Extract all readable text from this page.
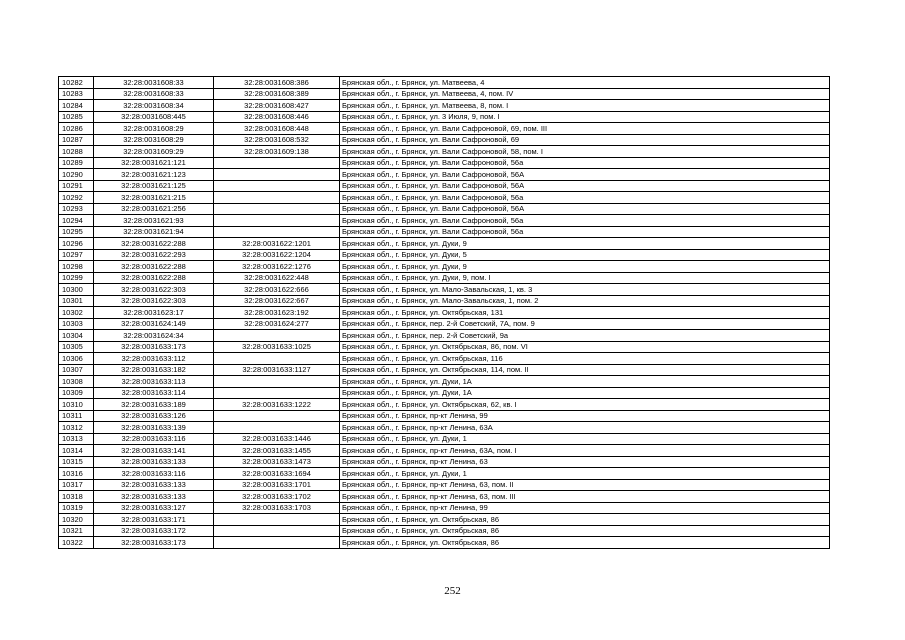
10282	32:28:0031608:33	32:28:0031608:386	Брянская обл., г. Брянск, ул. Матвеева, 4
10283	32:28:0031608:33	32:28:0031608:389	Брянская обл., г. Брянск, ул. Матвеева, 4, пом. IV
10284	32:28:0031608:34	32:28:0031608:427	Брянская обл., г. Брянск, ул. Матвеева, 8, пом. I
10285	32:28:0031608:445	32:28:0031608:446	Брянская обл., г. Брянск, ул. 3 Июля, 9, пом. I
10286	32:28:0031608:29	32:28:0031608:448	Брянская обл., г. Брянск, ул. Вали Сафроновой, 69, пом. III
10287	32:28:0031608:29	32:28:0031608:532	Брянская обл., г. Брянск, ул. Вали Сафроновой, 69
10288	32:28:0031609:29	32:28:0031609:138	Брянская обл., г. Брянск, ул. Вали Сафроновой, 58, пом. I
10289	32:28:0031621:121		Брянская обл., г. Брянск, ул. Вали Сафроновой, 56а
10290	32:28:0031621:123		Брянская обл., г. Брянск, ул. Вали Сафроновой, 56А
10291	32:28:0031621:125		Брянская обл., г. Брянск, ул. Вали Сафроновой, 56А
10292	32:28:0031621:215		Брянская обл., г. Брянск, ул. Вали Сафроновой, 56а
10293	32:28:0031621:256		Брянская обл., г. Брянск, ул. Вали Сафроновой, 56А
10294	32:28:0031621:93		Брянская обл., г. Брянск, ул. Вали Сафроновой, 56а
10295	32:28:0031621:94		Брянская обл., г. Брянск, ул. Вали Сафроновой, 56а
10296	32:28:0031622:288	32:28:0031622:1201	Брянская обл., г. Брянск, ул. Дуки, 9
10297	32:28:0031622:293	32:28:0031622:1204	Брянская обл., г. Брянск, ул. Дуки, 5
10298	32:28:0031622:288	32:28:0031622:1276	Брянская обл., г. Брянск, ул. Дуки, 9
10299	32:28:0031622:288	32:28:0031622:448	Брянская обл., г. Брянск, ул. Дуки, 9, пом. I
10300	32:28:0031622:303	32:28:0031622:666	Брянская обл., г. Брянск, ул. Мало-Завальская, 1, кв. 3
10301	32:28:0031622:303	32:28:0031622:667	Брянская обл., г. Брянск, ул. Мало-Завальская, 1, пом. 2
10302	32:28:0031623:17	32:28:0031623:192	Брянская обл., г. Брянск, ул. Октябрьская, 131
10303	32:28:0031624:149	32:28:0031624:277	Брянская обл., г. Брянск, пер. 2-й Советский, 7А, пом. 9
10304	32:28:0031624:34		Брянская обл., г. Брянск, пер. 2-й Советский, 9а
10305	32:28:0031633:173	32:28:0031633:1025	Брянская обл., г. Брянск, ул. Октябрьская, 86, пом. VI
10306	32:28:0031633:112		Брянская обл., г. Брянск, ул. Октябрьская, 116
10307	32:28:0031633:182	32:28:0031633:1127	Брянская обл., г. Брянск, ул. Октябрьская, 114, пом. II
10308	32:28:0031633:113		Брянская обл., г. Брянск, ул. Дуки, 1А
10309	32:28:0031633:114		Брянская обл., г. Брянск, ул. Дуки, 1А
10310	32:28:0031633:189	32:28:0031633:1222	Брянская обл., г. Брянск, ул. Октябрьская, 62, кв. I
10311	32:28:0031633:126		Брянская обл., г. Брянск, пр-кт Ленина, 99
10312	32:28:0031633:139		Брянская обл., г. Брянск, пр-кт Ленина, 63А
10313	32:28:0031633:116	32:28:0031633:1446	Брянская обл., г. Брянск, ул. Дуки, 1
10314	32:28:0031633:141	32:28:0031633:1455	Брянская обл., г. Брянск, пр-кт Ленина, 63А, пом. I
10315	32:28:0031633:133	32:28:0031633:1473	Брянская обл., г. Брянск, пр-кт Ленина, 63
10316	32:28:0031633:116	32:28:0031633:1694	Брянская обл., г. Брянск, ул. Дуки, 1
10317	32:28:0031633:133	32:28:0031633:1701	Брянская обл., г. Брянск, пр-кт Ленина, 63, пом. II
10318	32:28:0031633:133	32:28:0031633:1702	Брянская обл., г. Брянск, пр-кт Ленина, 63, пом. III
10319	32:28:0031633:127	32:28:0031633:1703	Брянская обл., г. Брянск, пр-кт Ленина, 99
10320	32:28:0031633:171		Брянская обл., г. Брянск, ул. Октябрьская, 86
10321	32:28:0031633:172		Брянская обл., г. Брянск, ул. Октябрьская, 86
10322	32:28:0031633:173		Брянская обл., г. Брянск, ул. Октябрьская, 86
252
